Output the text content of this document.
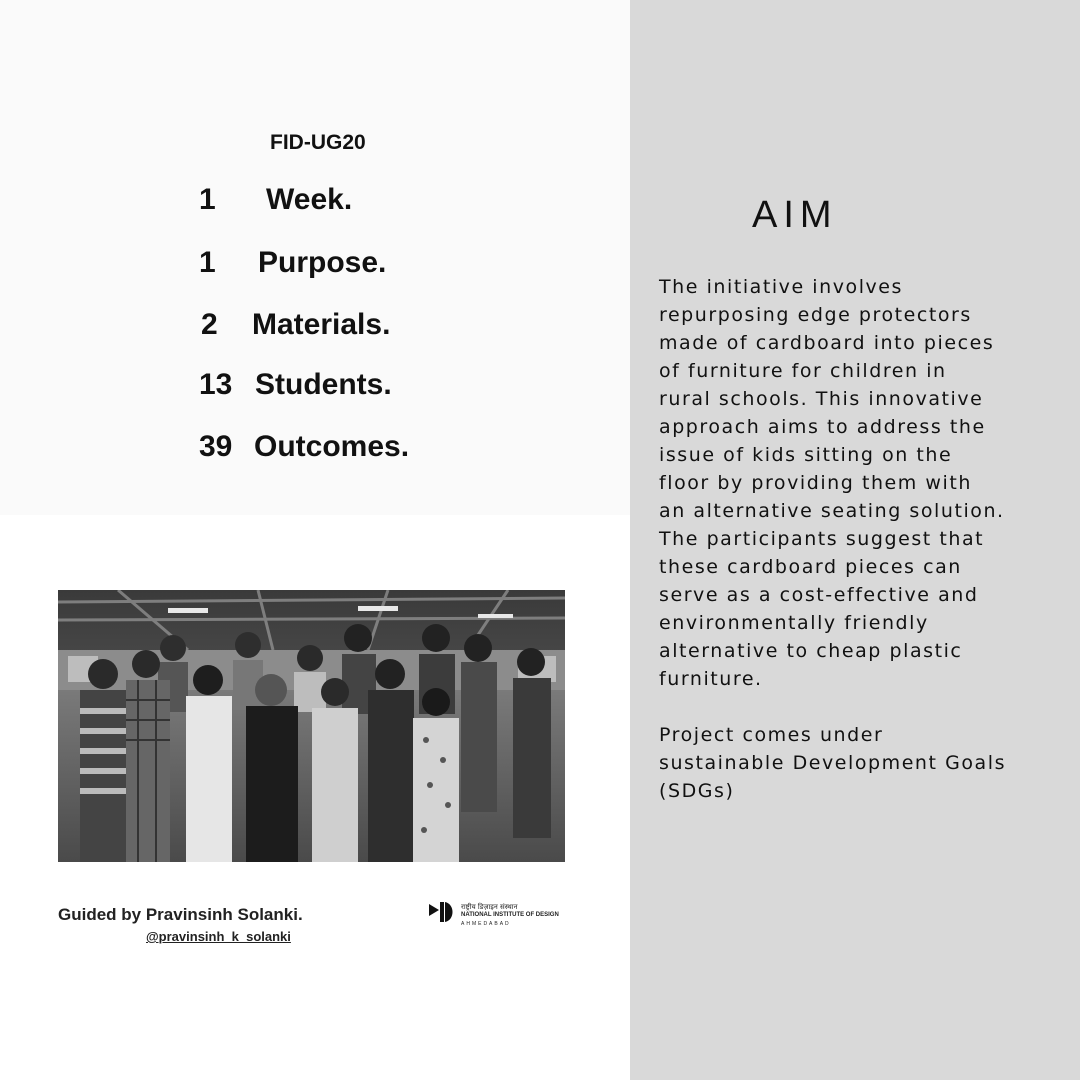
FID-UG20
1 Week.
1 Purpose.
2 Materials.
13 Students.
39 Outcomes.
Guided by Pravinsinh Solanki.
@pravinsinh_k_solanki
राष्ट्रीय डिज़ाइन संस्थान
NATIONAL INSTITUTE OF DESIGN
AHMEDABAD
AIM
The initiative involves
repurposing edge protectors
made of cardboard into pieces
of furniture for children in
rural schools. This innovative
approach aims to address the
issue of kids sitting on the
floor by providing them with
an alternative seating solution.
The participants suggest that
these cardboard pieces can
serve as a cost-effective and
environmentally friendly
alternative to cheap plastic
furniture.
Project comes under
sustainable Development Goals
(SDGs)
